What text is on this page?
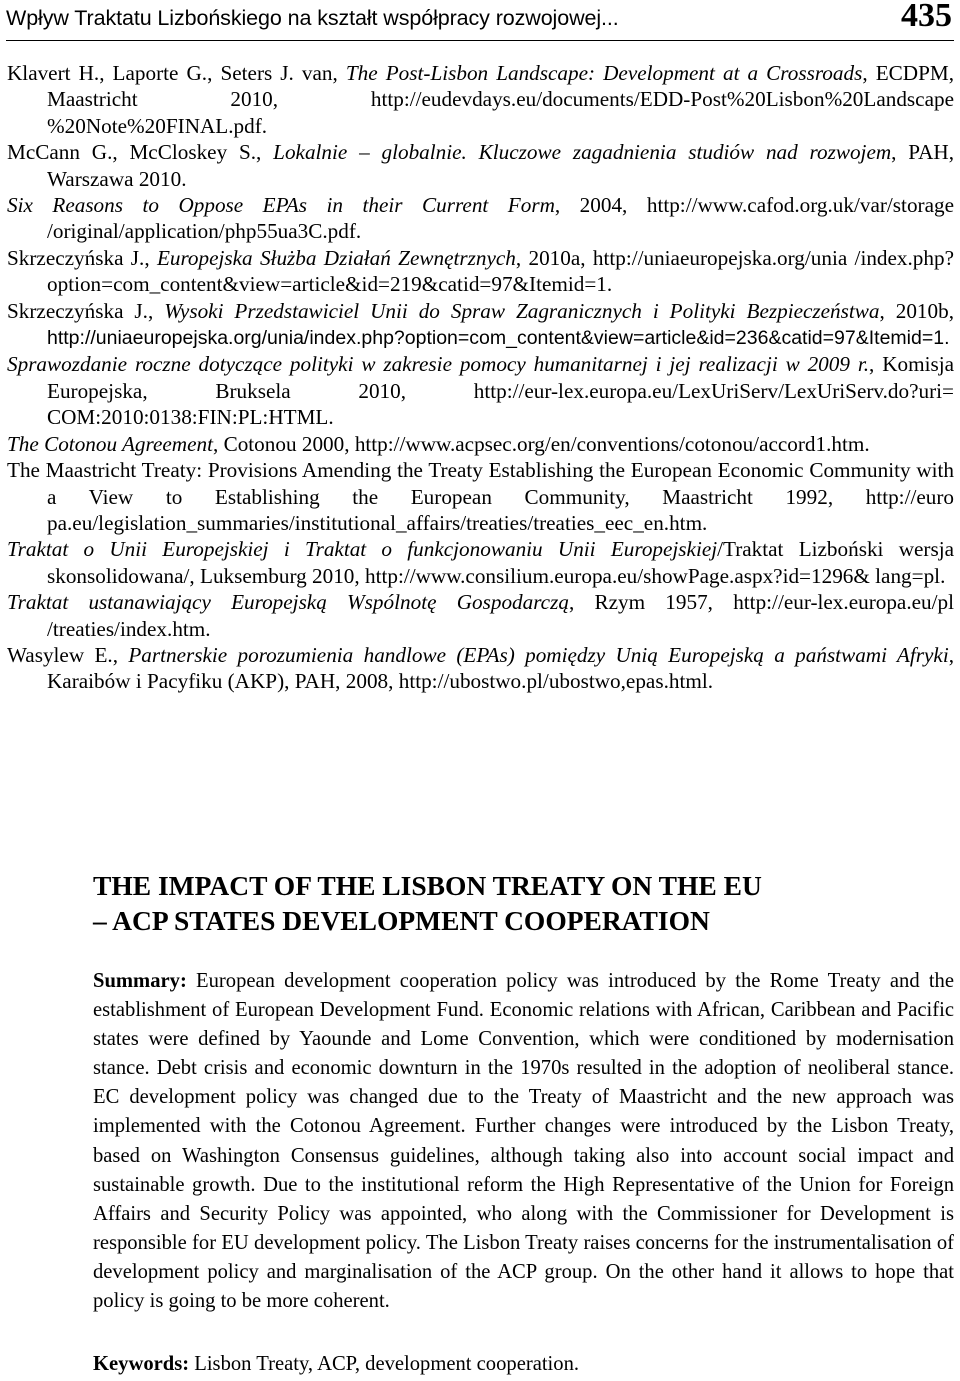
Wpływ Traktatu Lizbońskiego na kształt współpracy rozwojowej...	435

Klavert H., Laporte G., Seters J. van, The Post-Lisbon Landscape: Development at a Crossroads, ECDPM, Maastricht 2010, http://eudevdays.eu/documents/EDD-Post%20Lisbon%20Landscape %20Note%20FINAL.pdf.

McCann G., McCloskey S., Lokalnie – globalnie. Kluczowe zagadnienia studiów nad rozwojem, PAH, Warszawa 2010.

Six Reasons to Oppose EPAs in their Current Form, 2004, http://www.cafod.org.uk/var/storage /original/application/php55ua3C.pdf.

Skrzeczyńska J., Europejska Służba Działań Zewnętrznych, 2010a, http://uniaeuropejska.org/unia /index.php?option=com_content&view=article&id=219&catid=97&Itemid=1.

Skrzeczyńska J., Wysoki Przedstawiciel Unii do Spraw Zagranicznych i Polityki Bezpieczeństwa, 2010b, http://uniaeuropejska.org/unia/index.php?option=com_content&view=article&id=236&catid=97&Itemid=1.

Sprawozdanie roczne dotyczące polityki w zakresie pomocy humanitarnej i jej realizacji w 2009 r., Komisja Europejska, Bruksela 2010, http://eur-lex.europa.eu/LexUriServ/LexUriServ.do?uri= COM:2010:0138:FIN:PL:HTML.

The Cotonou Agreement, Cotonou 2000, http://www.acpsec.org/en/conventions/cotonou/accord1.htm.

The Maastricht Treaty: Provisions Amending the Treaty Establishing the European Economic Community with a View to Establishing the European Community, Maastricht 1992, http://euro pa.eu/legislation_summaries/institutional_affairs/treaties/treaties_eec_en.htm.

Traktat o Unii Europejskiej i Traktat o funkcjonowaniu Unii Europejskiej/Traktat Lizboński wersja skonsolidowana/, Luksemburg 2010, http://www.consilium.europa.eu/showPage.aspx?id=1296& lang=pl.

Traktat ustanawiający Europejską Wspólnotę Gospodarczą, Rzym 1957, http://eur-lex.europa.eu/pl /treaties/index.htm.

Wasylew E., Partnerskie porozumienia handlowe (EPAs) pomiędzy Unią Europejską a państwami Afryki, Karaibów i Pacyfiku (AKP), PAH, 2008, http://ubostwo.pl/ubostwo,epas.html.

THE IMPACT OF THE LISBON TREATY ON THE EU
– ACP STATES DEVELOPMENT COOPERATION

Summary: European development cooperation policy was introduced by the Rome Treaty and the establishment of European Development Fund. Economic relations with African, Caribbean and Pacific states were defined by Yaounde and Lome Convention, which were conditioned by modernisation stance. Debt crisis and economic downturn in the 1970s resulted in the adoption of neoliberal stance. EC development policy was changed due to the Treaty of Maastricht and the new approach was implemented with the Cotonou Agreement. Further changes were introduced by the Lisbon Treaty, based on Washington Consensus guidelines, although taking also into account social impact and sustainable growth. Due to the institutional reform the High Representative of the Union for Foreign Affairs and Security Policy was appointed, who along with the Commissioner for Development is responsible for EU development policy. The Lisbon Treaty raises concerns for the instrumentalisation of development policy and marginalisation of the ACP group. On the other hand it allows to hope that policy is going to be more coherent.

Keywords: Lisbon Treaty, ACP, development cooperation.
